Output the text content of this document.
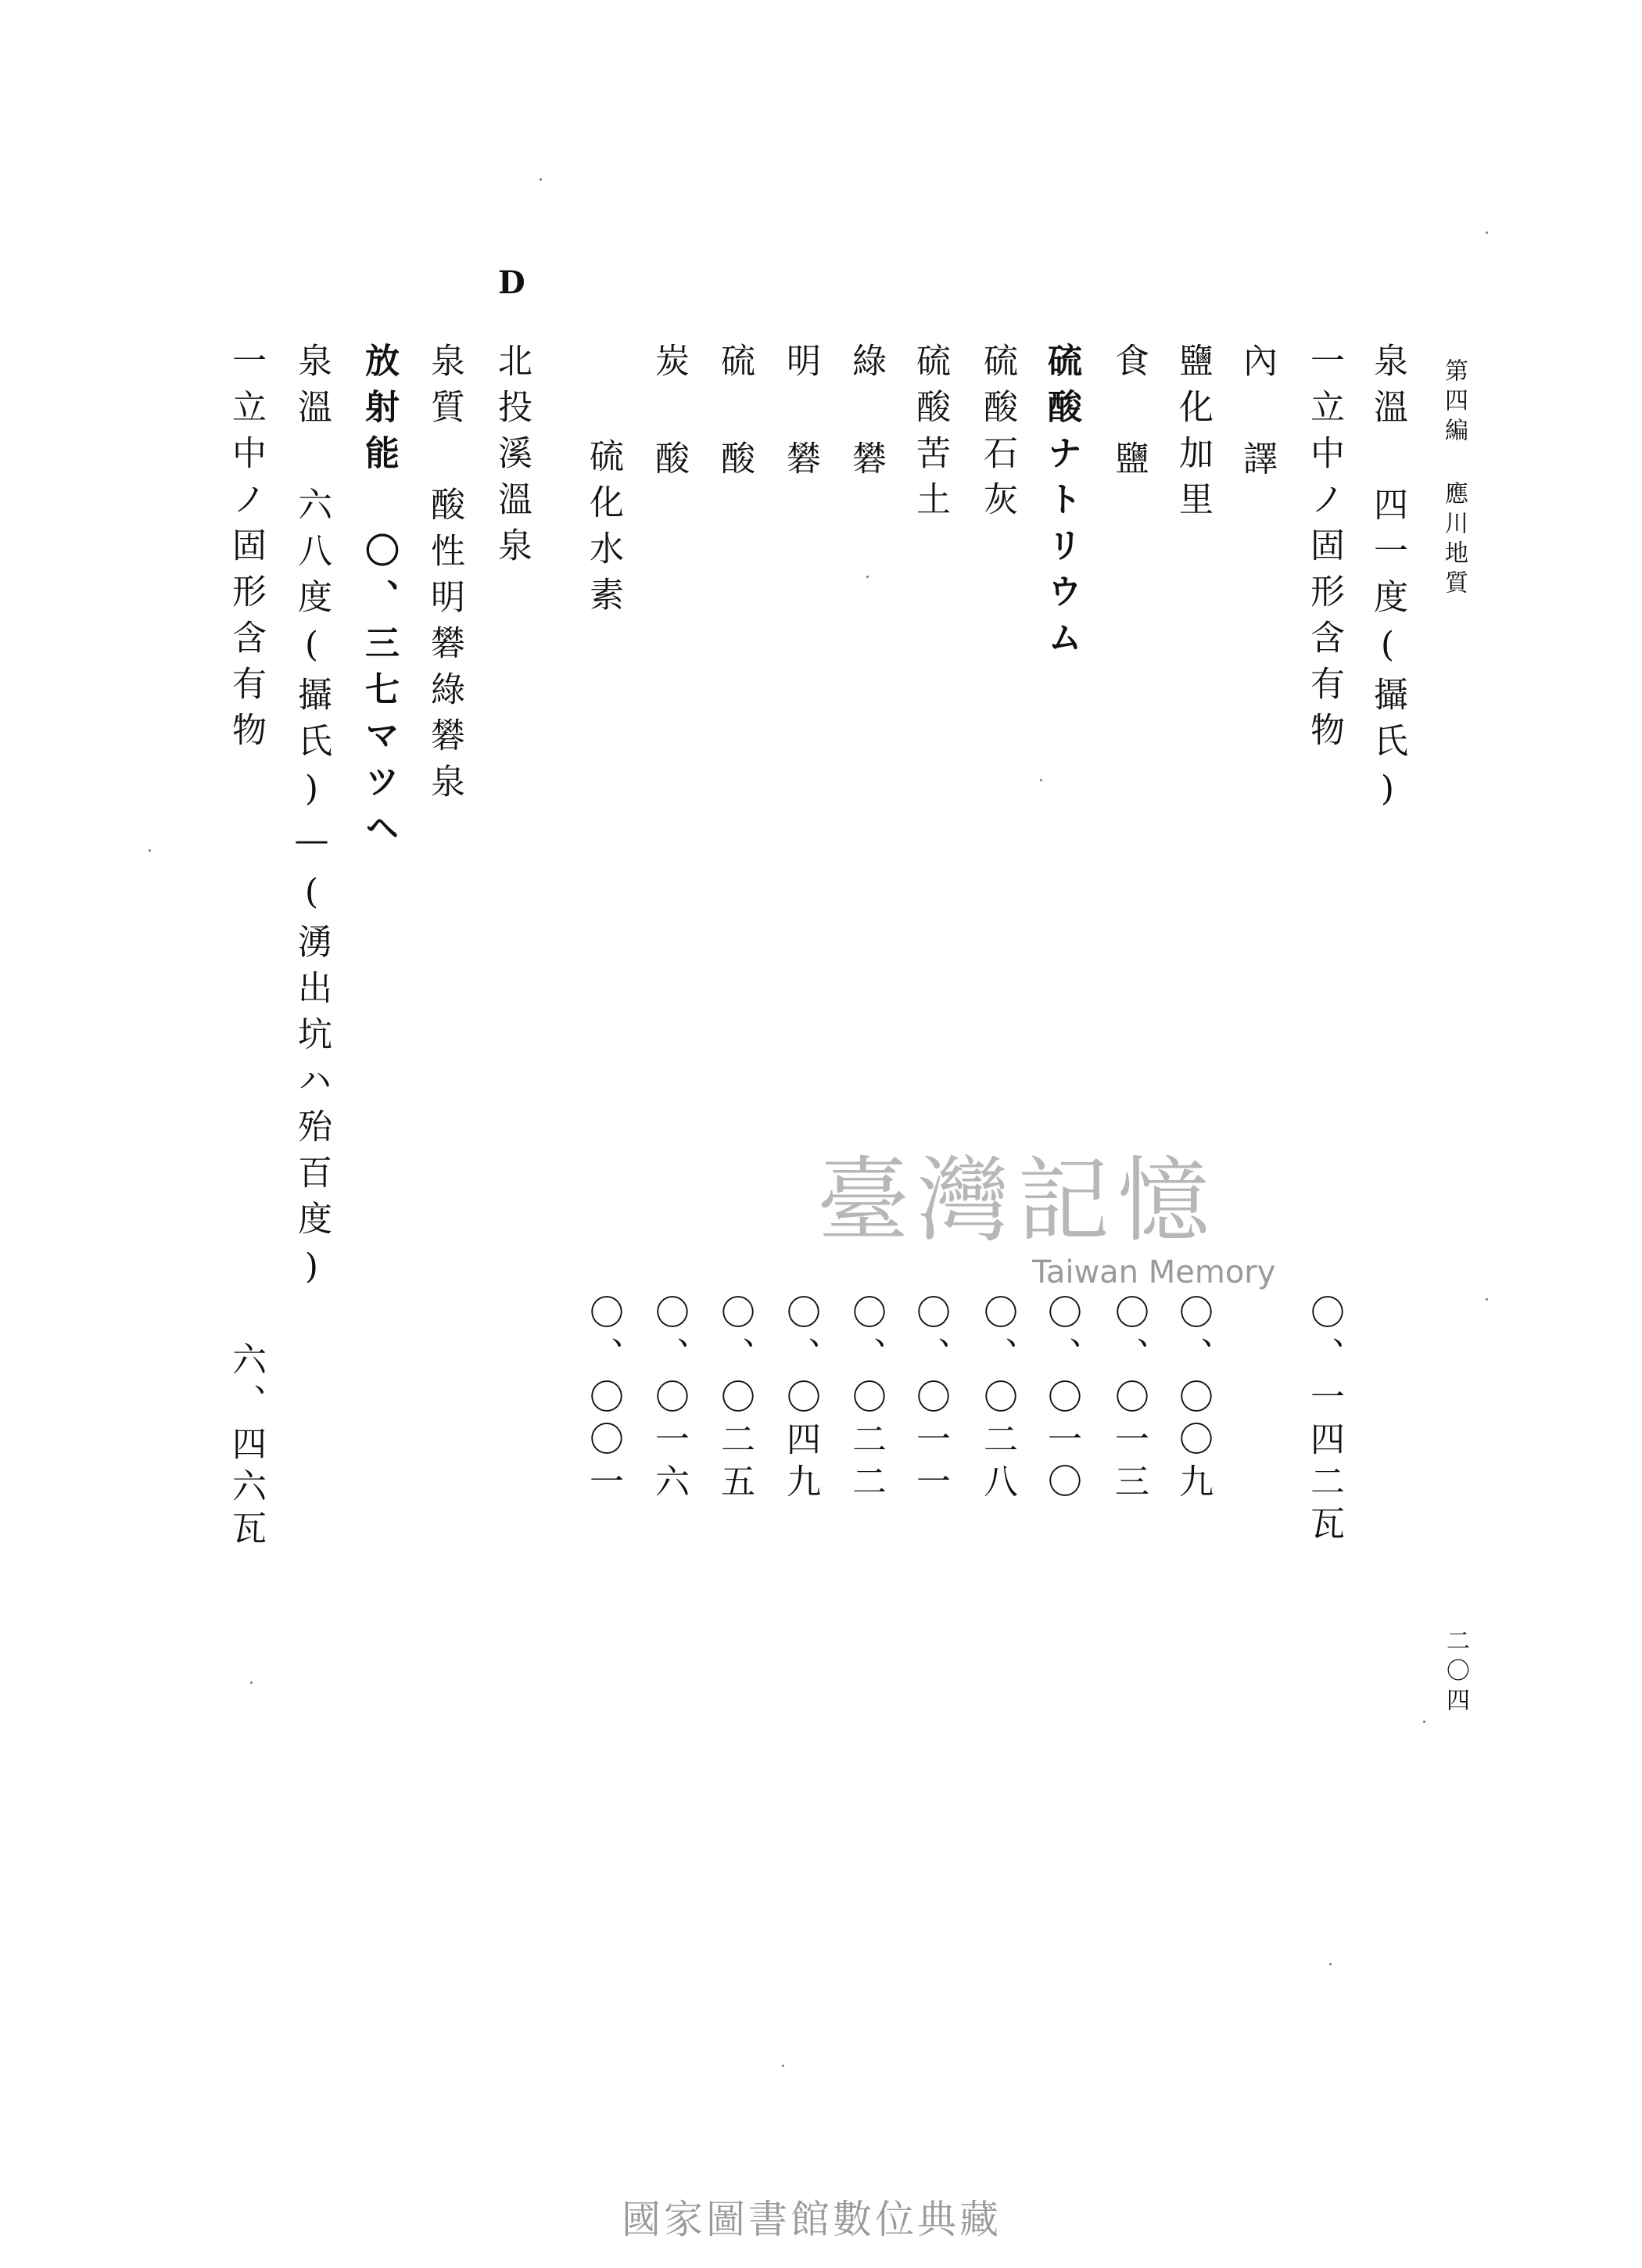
第四編 應川地質
二〇四
泉溫 四一度(攝氏)
一立中ノ固形含有物
〇、一四二瓦
內 譯
鹽化加里
食 鹽
硫酸ナトリウム
硫酸石灰
硫酸苦土
綠 礬
明 礬
硫 酸
炭 酸
硫化水素
〇、〇〇九
〇、〇一三
〇、〇一〇
〇、〇二八
〇、〇一一
〇、〇二二
〇、〇四九
〇、〇二五
〇、〇一六
〇、〇〇一
D
北投溪溫泉
泉質 酸性明礬綠礬泉
放射能 〇、三七マツヘ
泉溫 六八度(攝氏)—(湧出坑ハ殆百度)
一立中ノ固形含有物
六、四六瓦
臺灣記憶
Taiwan Memory
國家圖書館數位典藏
